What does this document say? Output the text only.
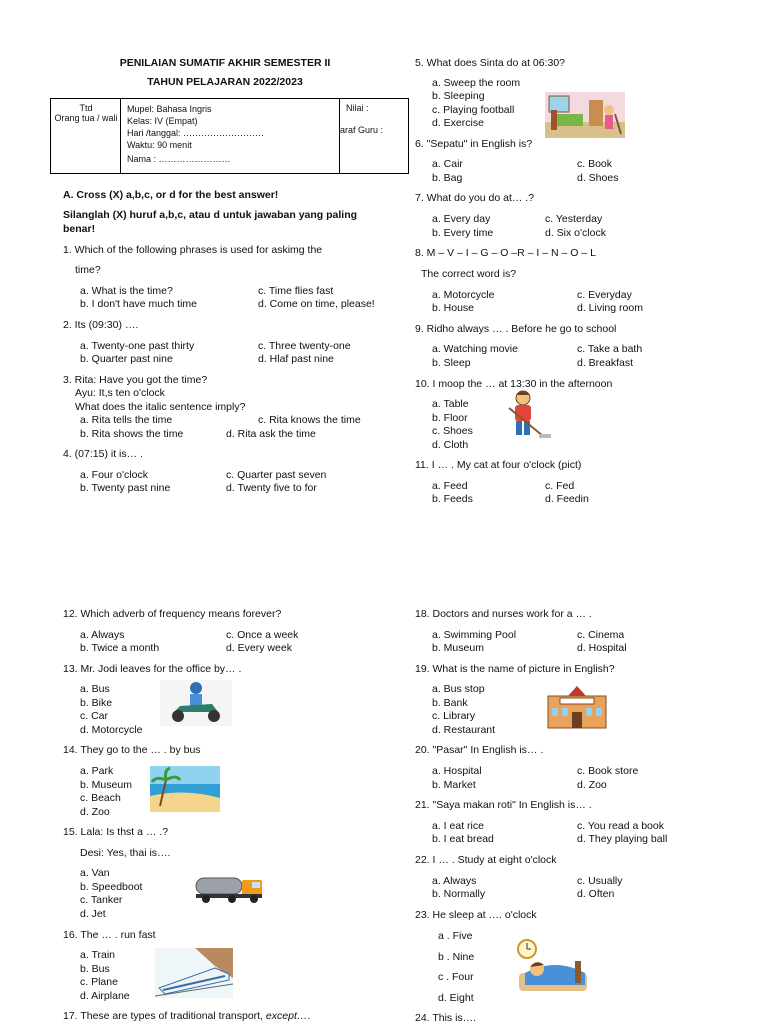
PENILAIAN SUMATIF AKHIR SEMESTER II
TAHUN PELAJARAN 2022/2023
Ttd
Orang tua / wali
Mupel: Bahasa Ingris
Kelas: IV (Empat)
Hari /tanggal: ………………………
Waktu: 90 menit
Nama : ……………………
Nilai :
araf Guru :
A. Cross (X) a,b,c, or d for the best answer!
Silanglah (X) huruf a,b,c, atau d untuk jawaban yang paling
benar!
1. Which of the following phrases is used for askimg the
time?
a. What is the time?	c. Time flies fast
b. I don't have much time	d. Come on time, please!
2. Its (09:30) ….
a. Twenty-one past thirty	c. Three twenty-one
b. Quarter past nine	d. Hlaf past nine
3. Rita: Have you got the time?
Ayu: It,s ten o'clock
What does the italic sentence imply?
a. Rita tells the time	c. Rita knows the time
b. Rita shows the time	d. Rita ask the time
4. (07:15) it is… .
a. Four o'clock	c. Quarter past seven
b. Twenty past nine	d. Twenty five to for
5. What does Sinta do at 06:30?
a. Sweep the room
b. Sleeping
c. Playing football
d. Exercise
6. "Sepatu" in English is?
a. Cair	c. Book
b. Bag	d. Shoes
7. What do you do at… .?
a. Every day	c. Yesterday
b. Every time	d. Six o'clock
8. M – V – I – G – O –R – I – N – O – L
The correct word is?
a. Motorcycle	c. Everyday
b. House	d. Living room
9. Ridho always … . Before he go to school
a. Watching movie	c. Take a bath
b. Sleep	d. Breakfast
10. I moop the … at 13:30 in the afternoon
a. Table
b. Floor
c. Shoes
d. Cloth
11. I … . My cat at four o'clock (pict)
a. Feed	c. Fed
b. Feeds	d. Feedin
12. Which adverb of frequency means forever?
a. Always	c. Once a week
b. Twice a month	d. Every week
13. Mr. Jodi leaves for the office by… .
a. Bus
b. Bike
c. Car
d. Motorcycle
14. They go to the … . by bus
a. Park
b. Museum
c. Beach
d. Zoo
15. Lala: Is thst a … .?
Desi: Yes, thai is….
a. Van
b. Speedboot
c. Tanker
d. Jet
16. The … . run fast
a. Train
b. Bus
c. Plane
d. Airplane
17. These are types of traditional transport, except….
18. Doctors and nurses work for a … .
a. Swimming Pool	c. Cinema
b. Museum	d. Hospital
19. What is the name of picture in English?
a. Bus stop
b. Bank
c. Library
d. Restaurant
20. "Pasar" In English is… .
a. Hospital	c. Book store
b. Market	d. Zoo
21. "Saya makan roti" In English is… .
a. I eat rice	c. You read a book
b. I eat bread	d. They playing ball
22. I … . Study at eight o'clock
a. Always	c. Usually
b. Normally	d. Often
23. He sleep at …. o'clock
a . Five
b . Nine
c . Four
d. Eight
24. This is….
